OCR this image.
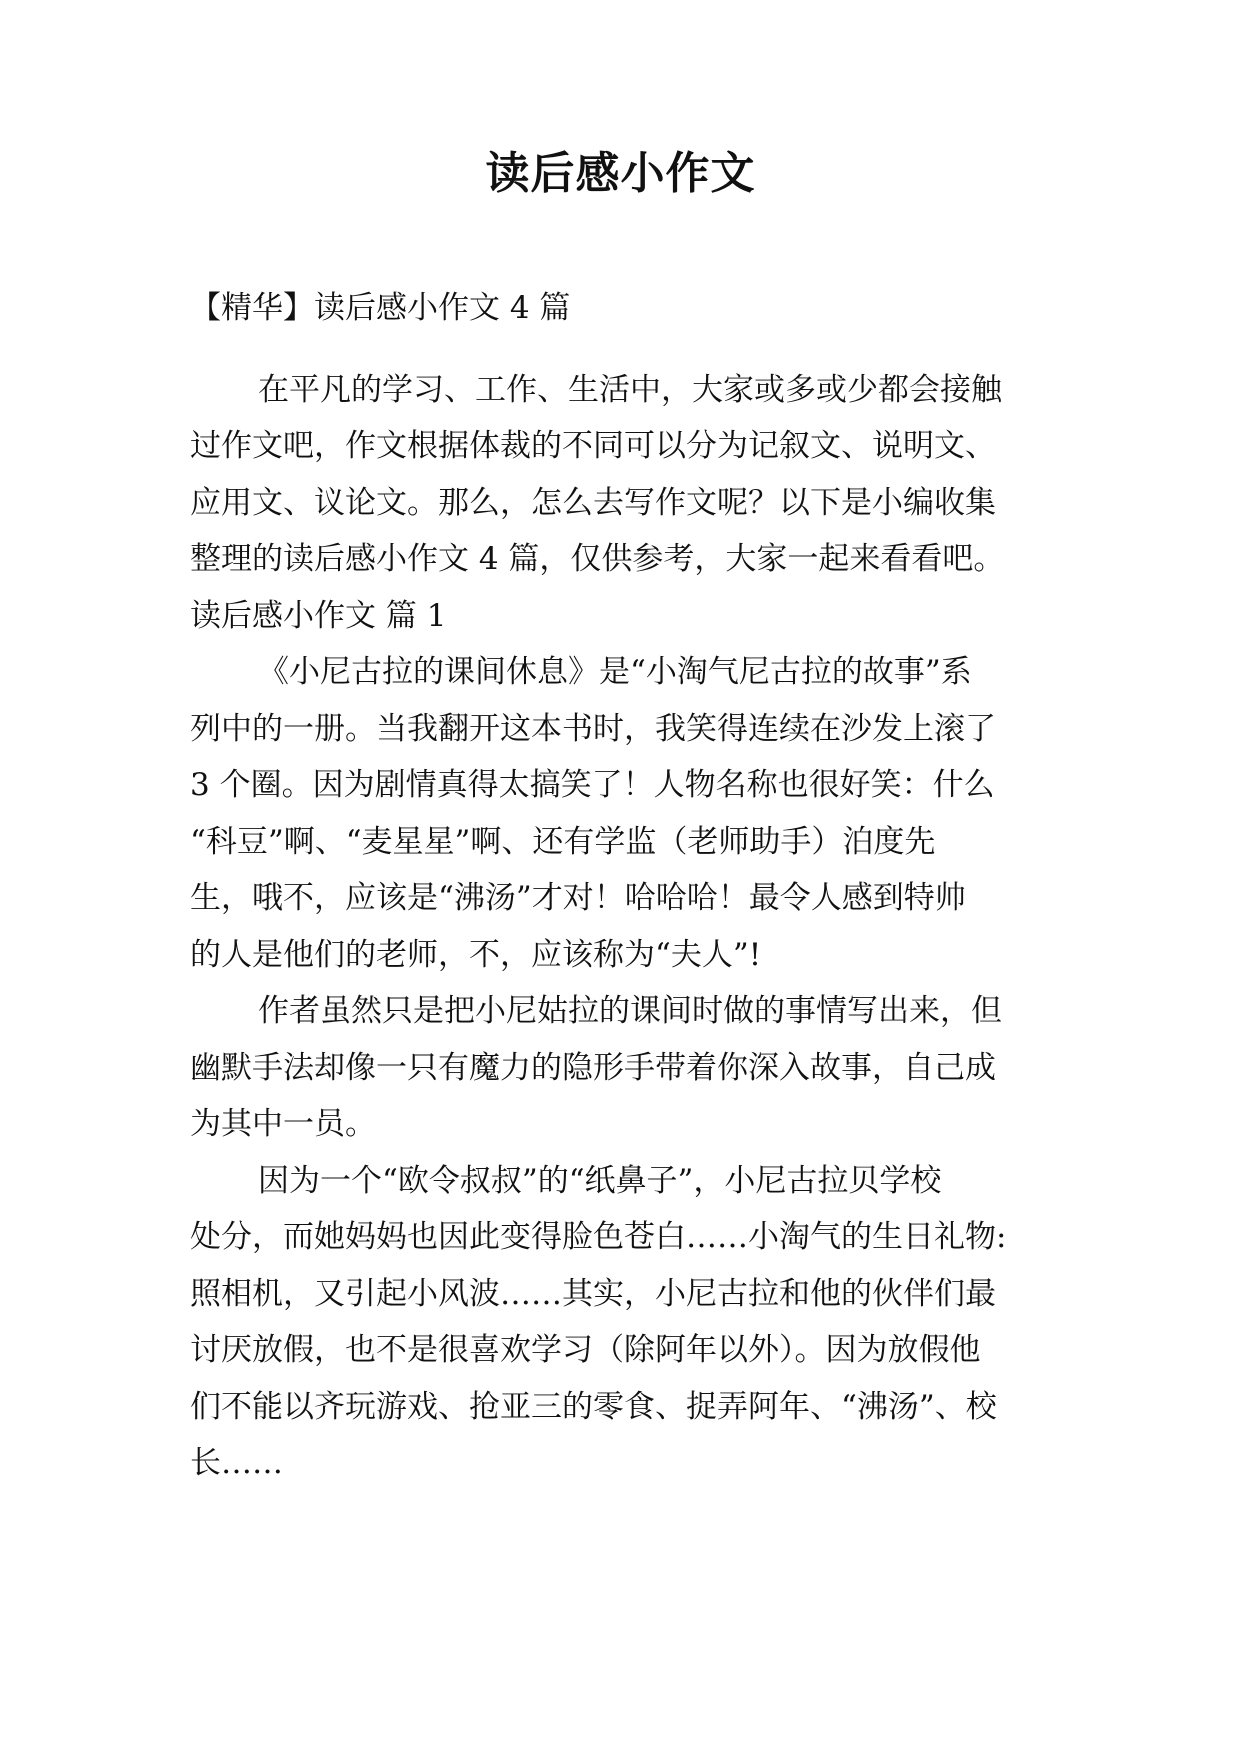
读后感小作文
【精华】读后感小作文 4 篇
在平凡的学习、工作、生活中，大家或多或少都会接触
过作文吧，作文根据体裁的不同可以分为记叙文、说明文、
应用文、议论文。那么，怎么去写作文呢？以下是小编收集
整理的读后感小作文 4 篇，仅供参考，大家一起来看看吧。
读后感小作文 篇 1
《小尼古拉的课间休息》是“小淘气尼古拉的故事”系
列中的一册。当我翻开这本书时，我笑得连续在沙发上滚了
3 个圈。因为剧情真得太搞笑了！人物名称也很好笑：什么
“科豆”啊、“麦星星”啊、还有学监（老师助手）泊度先
生，哦不，应该是“沸汤”才对！哈哈哈！最令人感到特帅
的人是他们的老师，不，应该称为“夫人”!
作者虽然只是把小尼姑拉的课间时做的事情写出来，但
幽默手法却像一只有魔力的隐形手带着你深入故事，自己成
为其中一员。
因为一个“欧令叔叔”的“纸鼻子”，小尼古拉贝学校
处分，而她妈妈也因此变得脸色苍白……小淘气的生日礼物:
照相机，又引起小风波……其实，小尼古拉和他的伙伴们最
讨厌放假，也不是很喜欢学习（除阿年以外）。因为放假他
们不能以齐玩游戏、抢亚三的零食、捉弄阿年、“沸汤”、校
长……
